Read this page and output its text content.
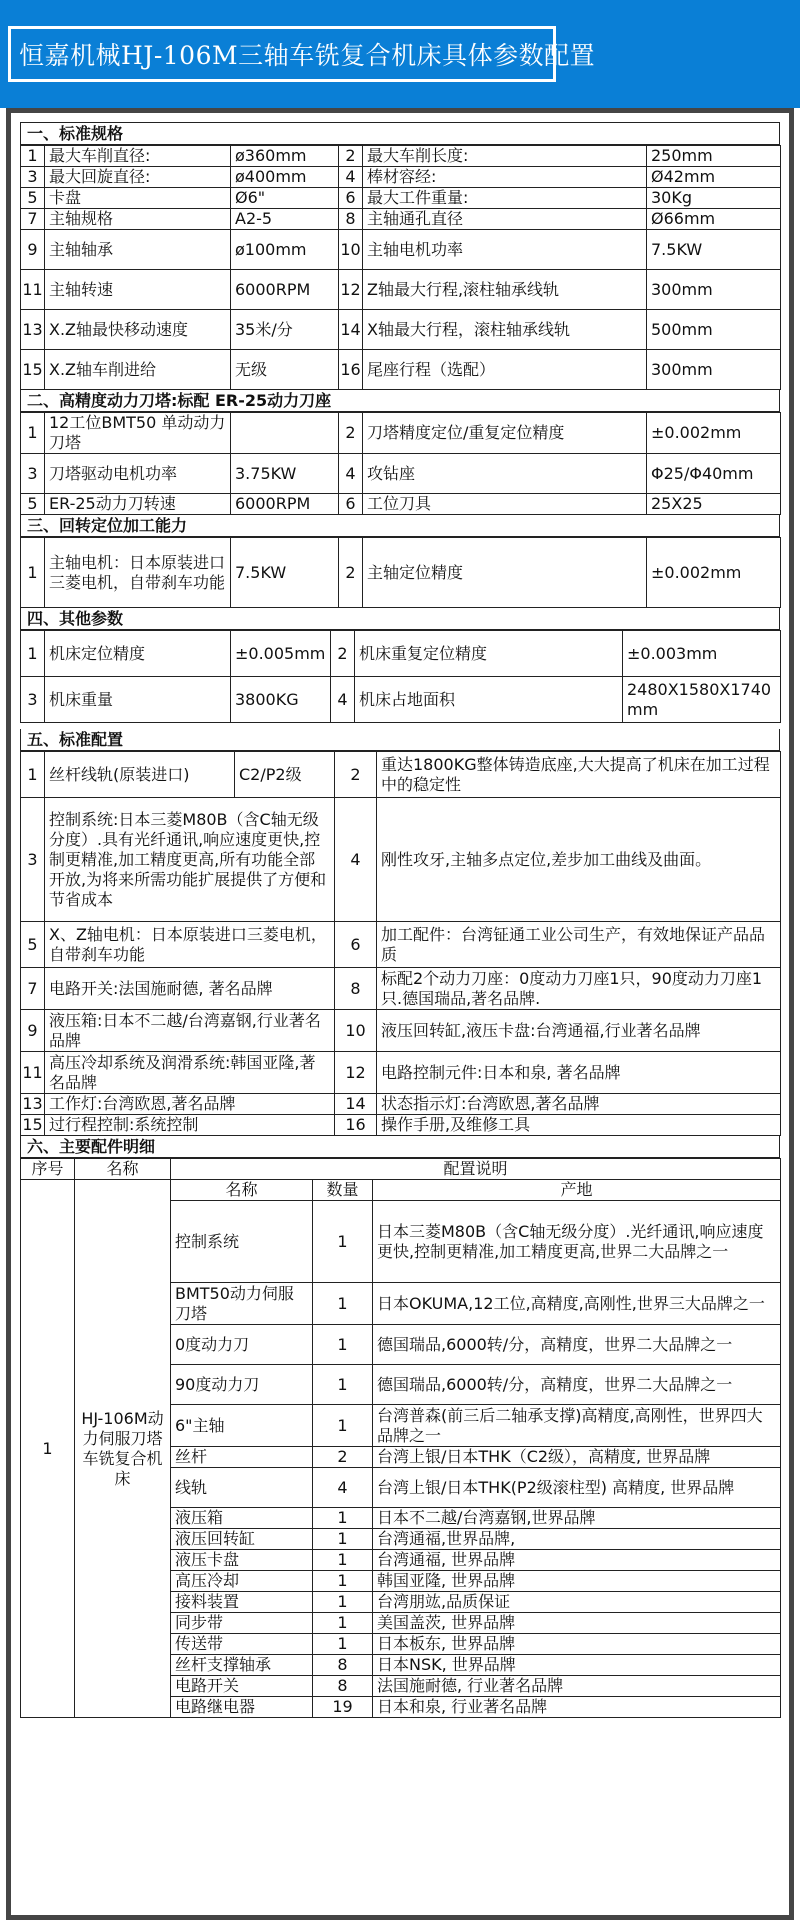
恒嘉机械HJ-106M三轴车铣复合机床具体参数配置
一、标准规格
1	最大车削直径:	ø360mm	2	最大车削长度:	250mm
3	最大回旋直径:	ø400mm	4	棒材容经:	Ø42mm
5	卡盘	Ø6"	6	最大工件重量:	30Kg
7	主轴规格	A2-5	8	主轴通孔直径	Ø66mm
9	主轴轴承	ø100mm	10	主轴电机功率	7.5KW
11	主轴转速	6000RPM	12	Z轴最大行程,滚柱轴承线轨	300mm
13	X.Z轴最快移动速度	35米/分	14	X轴最大行程，滚柱轴承线轨	500mm
15	X.Z轴车削进给	无级	16	尾座行程（选配）	300mm
二、高精度动力刀塔:标配 ER-25动力刀座
1	12工位BMT50 单动动力刀塔		2	刀塔精度定位/重复定位精度	±0.002mm
3	刀塔驱动电机功率	3.75KW	4	攻钻座	Φ25/Φ40mm
5	ER-25动力刀转速	6000RPM	6	工位刀具	25X25
三、回转定位加工能力
1	主轴电机：日本原装进口三菱电机，自带刹车功能	7.5KW	2	主轴定位精度	±0.002mm
四、其他参数
1	机床定位精度	±0.005mm	2	机床重复定位精度	±0.003mm
3	机床重量	3800KG	4	机床占地面积	2480X1580X1740mm
五、标准配置
1	丝杆线轨(原装进口)	C2/P2级	2	重达1800KG整体铸造底座,大大提高了机床在加工过程中的稳定性
3	控制系统:日本三菱M80B（含C轴无级分度）.具有光纤通讯,响应速度更快,控制更精准,加工精度更高,所有功能全部开放,为将来所需功能扩展提供了方便和节省成本		4	刚性攻牙,主轴多点定位,差步加工曲线及曲面。
5	X、Z轴电机：日本原装进口三菱电机，自带刹车功能		6	加工配件：台湾钲通工业公司生产，有效地保证产品品质
7	电路开关:法国施耐德, 著名品牌		8	标配2个动力刀座：0度动力刀座1只，90度动力刀座1只.德国瑞品,著名品牌.
9	液压箱:日本不二越/台湾嘉钢,行业著名品牌		10	液压回转缸,液压卡盘:台湾通福,行业著名品牌
11	高压冷却系统及润滑系统:韩国亚隆,著名品牌		12	电路控制元件:日本和泉, 著名品牌
13	工作灯:台湾欧恩,著名品牌		14	状态指示灯:台湾欧恩,著名品牌
15	过行程控制:系统控制		16	操作手册,及维修工具
六、主要配件明细
序号	名称	配置说明		
1	HJ-106M动力伺服刀塔车铣复合机床	名称	数量	产地
		控制系统	1	日本三菱M80B（含C轴无级分度）.光纤通讯,响应速度更快,控制更精准,加工精度更高,世界二大品牌之一
		BMT50动力伺服刀塔	1	日本OKUMA,12工位,高精度,高刚性,世界三大品牌之一
		0度动力刀	1	德国瑞品,6000转/分，高精度，世界二大品牌之一
		90度动力刀	1	德国瑞品,6000转/分，高精度，世界二大品牌之一
		6"主轴	1	台湾普森(前三后二轴承支撑)高精度,高刚性，世界四大品牌之一
		丝杆	2	台湾上银/日本THK（C2级），高精度, 世界品牌
		线轨	4	台湾上银/日本THK(P2级滚柱型) 高精度, 世界品牌
		液压箱	1	日本不二越/台湾嘉钢,世界品牌
		液压回转缸	1	台湾通福,世界品牌,
		液压卡盘	1	台湾通福, 世界品牌
		高压冷却	1	韩国亚隆, 世界品牌
		接料装置	1	台湾朋竑,品质保证
		同步带	1	美国盖茨, 世界品牌
		传送带	1	日本板东, 世界品牌
		丝杆支撑轴承	8	日本NSK, 世界品牌
		电路开关	8	法国施耐德, 行业著名品牌
		电路继电器	19	日本和泉, 行业著名品牌
